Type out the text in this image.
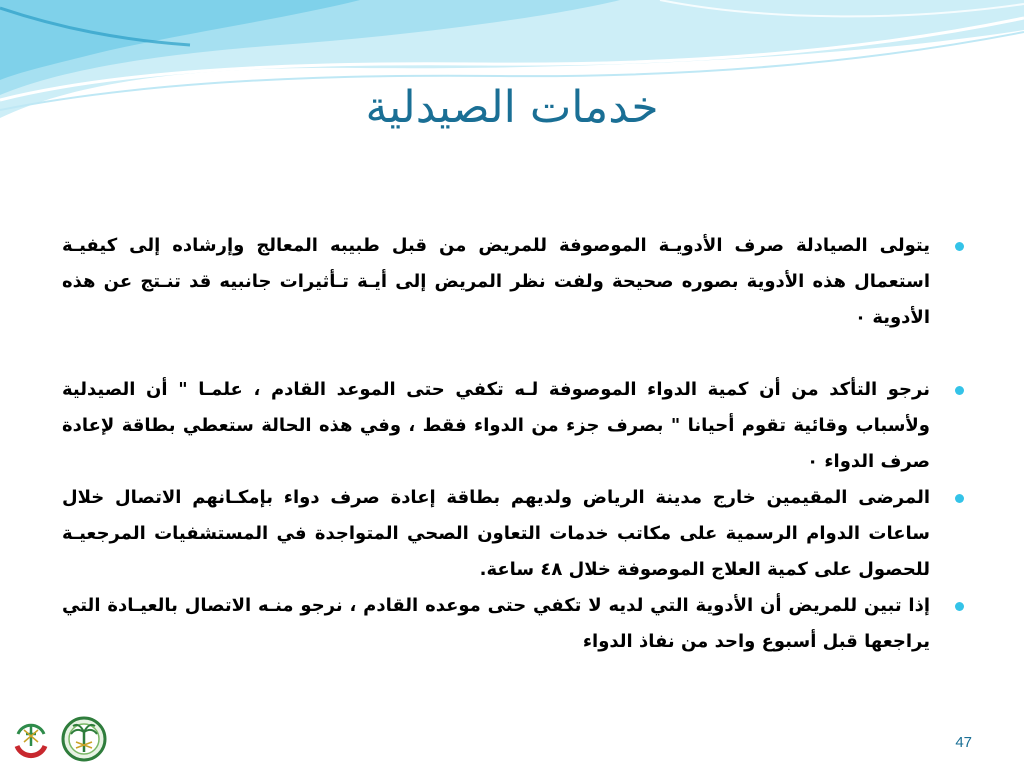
خدمات الصيدلية

يتولى الصيادلة صرف الأدويـة الموصوفة للمريض من قبل طبيبه المعالج وإرشاده إلى كيفيـة استعمال هذه الأدوية بصوره صحيحة ولفت نظر المريض إلى أيـة تـأثيرات جانبيه قد تنـتج عن هذه الأدوية ٠

نرجو التأكد من أن كمية الدواء الموصوفة لـه تكفي حتى الموعد القادم ، علمـا " أن الصيدلية ولأسباب وقائية تقوم أحيانا " بصرف جزء من الدواء فقط ، وفي هذه الحالة ستعطي بطاقة لإعادة صرف الدواء ٠

المرضى المقيمين خارج مدينة الرياض ولديهم بطاقة إعادة صرف دواء بإمكـانهم الاتصال خلال ساعات الدوام الرسمية على مكاتب خدمات التعاون الصحي المتواجدة في المستشفيات المرجعيـة للحصول على كمية العلاج الموصوفة خلال ٤٨ ساعة.

إذا تبين للمريض أن الأدوية التي لديه لا تكفي حتى موعده القادم ، نرجو منـه الاتصال بالعيـادة التي يراجعها قبل أسبوع واحد من نفاذ الدواء

47
